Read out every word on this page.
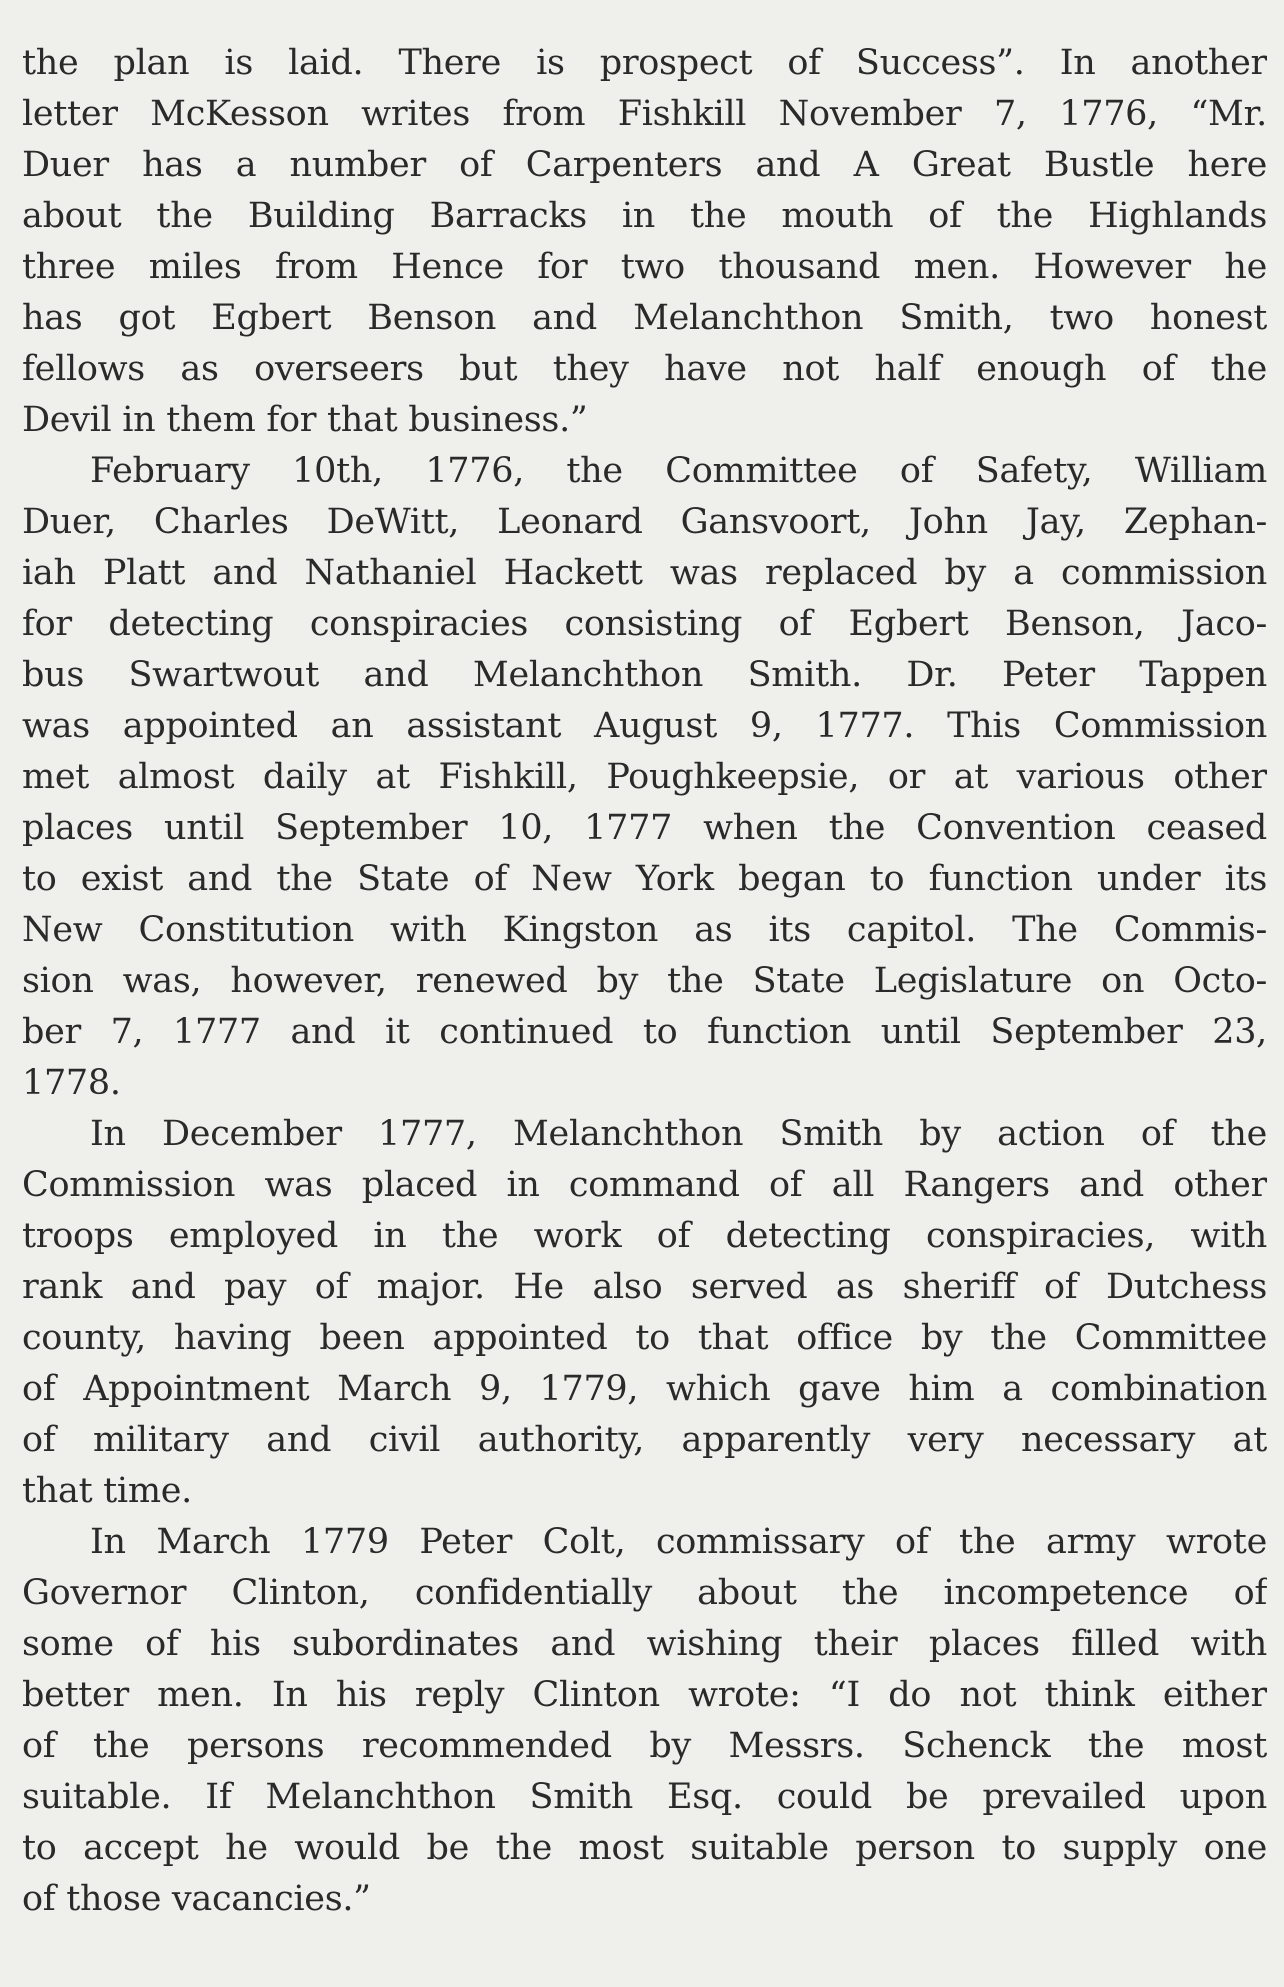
the plan is laid. There is prospect of Success”. In another
letter McKesson writes from Fishkill November 7, 1776, “Mr.
Duer has a number of Carpenters and A Great Bustle here
about the Building Barracks in the mouth of the Highlands
three miles from Hence for two thousand men. However he
has got Egbert Benson and Melanchthon Smith, two honest
fellows as overseers but they have not half enough of the
Devil in them for that business.”
February 10th, 1776, the Committee of Safety, William
Duer, Charles DeWitt, Leonard Gansvoort, John Jay, Zephan-
iah Platt and Nathaniel Hackett was replaced by a commission
for detecting conspiracies consisting of Egbert Benson, Jaco-
bus Swartwout and Melanchthon Smith. Dr. Peter Tappen
was appointed an assistant August 9, 1777. This Commission
met almost daily at Fishkill, Poughkeepsie, or at various other
places until September 10, 1777 when the Convention ceased
to exist and the State of New York began to function under its
New Constitution with Kingston as its capitol. The Commis-
sion was, however, renewed by the State Legislature on Octo-
ber 7, 1777 and it continued to function until September 23,
1778.
In December 1777, Melanchthon Smith by action of the
Commission was placed in command of all Rangers and other
troops employed in the work of detecting conspiracies, with
rank and pay of major. He also served as sheriff of Dutchess
county, having been appointed to that office by the Committee
of Appointment March 9, 1779, which gave him a combination
of military and civil authority, apparently very necessary at
that time.
In March 1779 Peter Colt, commissary of the army wrote
Governor Clinton, confidentially about the incompetence of
some of his subordinates and wishing their places filled with
better men. In his reply Clinton wrote: “I do not think either
of the persons recommended by Messrs. Schenck the most
suitable. If Melanchthon Smith Esq. could be prevailed upon
to accept he would be the most suitable person to supply one
of those vacancies.”
